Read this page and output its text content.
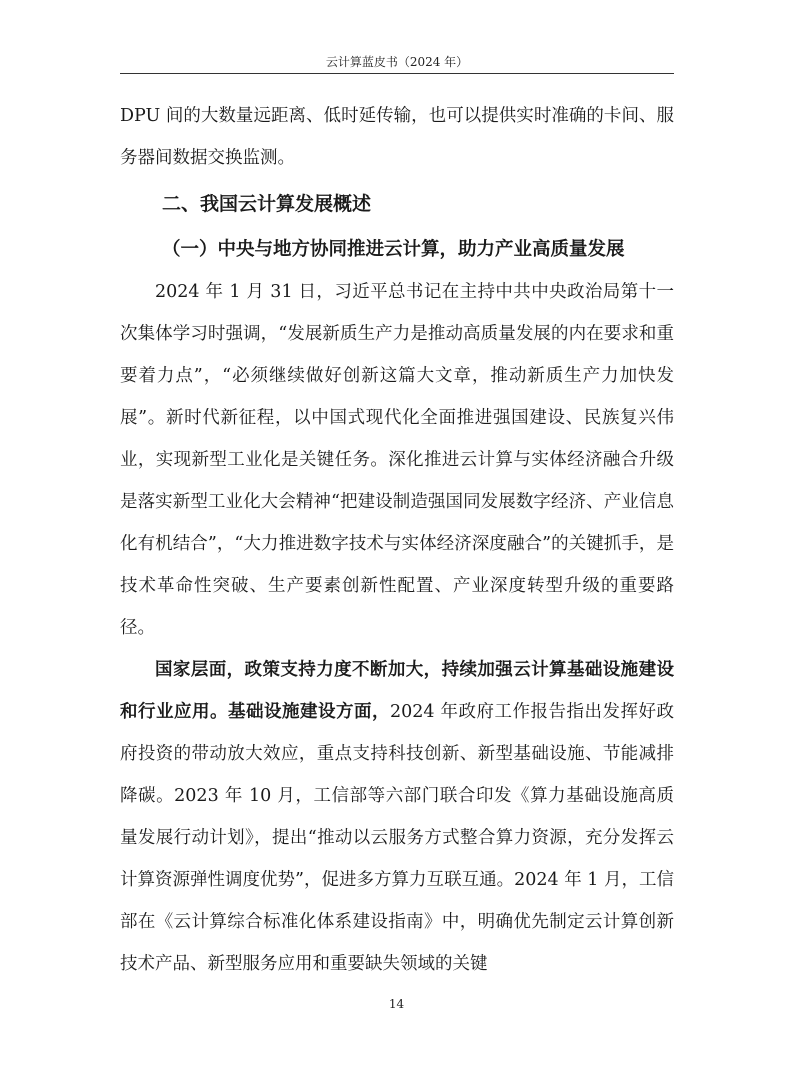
云计算蓝皮书（2024 年）

DPU 间的大数量远距离、低时延传输，也可以提供实时准确的卡间、服务器间数据交换监测。

二、我国云计算发展概述
（一）中央与地方协同推进云计算，助力产业高质量发展

2024 年 1 月 31 日，习近平总书记在主持中共中央政治局第十一次集体学习时强调，“发展新质生产力是推动高质量发展的内在要求和重要着力点”，“必须继续做好创新这篇大文章，推动新质生产力加快发展”。新时代新征程，以中国式现代化全面推进强国建设、民族复兴伟业，实现新型工业化是关键任务。深化推进云计算与实体经济融合升级是落实新型工业化大会精神“把建设制造强国同发展数字经济、产业信息化有机结合”，“大力推进数字技术与实体经济深度融合”的关键抓手，是技术革命性突破、生产要素创新性配置、产业深度转型升级的重要路径。

国家层面，政策支持力度不断加大，持续加强云计算基础设施建设和行业应用。基础设施建设方面，2024 年政府工作报告指出发挥好政府投资的带动放大效应，重点支持科技创新、新型基础设施、节能减排降碳。2023 年 10 月，工信部等六部门联合印发《算力基础设施高质量发展行动计划》，提出“推动以云服务方式整合算力资源，充分发挥云计算资源弹性调度优势”，促进多方算力互联互通。2024 年 1 月，工信部在《云计算综合标准化体系建设指南》中，明确优先制定云计算创新技术产品、新型服务应用和重要缺失领域的关键

14
